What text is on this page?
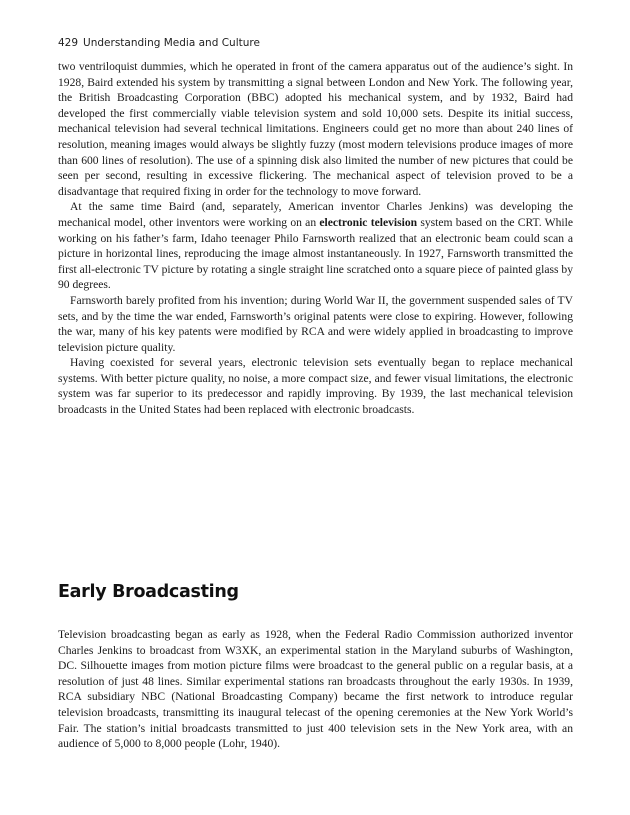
429 Understanding Media and Culture

two ventriloquist dummies, which he operated in front of the camera apparatus out of the audience’s sight. In 1928, Baird extended his system by transmitting a signal between London and New York. The following year, the British Broadcasting Corporation (BBC) adopted his mechanical system, and by 1932, Baird had developed the first commercially viable television system and sold 10,000 sets. Despite its initial success, mechanical television had several technical limitations. Engineers could get no more than about 240 lines of resolution, meaning images would always be slightly fuzzy (most modern televisions produce images of more than 600 lines of resolution). The use of a spinning disk also limited the number of new pictures that could be seen per second, resulting in excessive flickering. The mechanical aspect of television proved to be a disadvantage that required fixing in order for the technology to move forward.

At the same time Baird (and, separately, American inventor Charles Jenkins) was developing the mechanical model, other inventors were working on an electronic television system based on the CRT. While working on his father’s farm, Idaho teenager Philo Farnsworth realized that an electronic beam could scan a picture in horizontal lines, reproducing the image almost instantaneously. In 1927, Farnsworth transmitted the first all-electronic TV picture by rotating a single straight line scratched onto a square piece of painted glass by 90 degrees.

Farnsworth barely profited from his invention; during World War II, the government suspended sales of TV sets, and by the time the war ended, Farnsworth’s original patents were close to expiring. However, following the war, many of his key patents were modified by RCA and were widely applied in broadcasting to improve television picture quality.

Having coexisted for several years, electronic television sets eventually began to replace mechanical systems. With better picture quality, no noise, a more compact size, and fewer visual limitations, the electronic system was far superior to its predecessor and rapidly improving. By 1939, the last mechanical television broadcasts in the United States had been replaced with electronic broadcasts.

Early Broadcasting

Television broadcasting began as early as 1928, when the Federal Radio Commission authorized inventor Charles Jenkins to broadcast from W3XK, an experimental station in the Maryland suburbs of Washington, DC. Silhouette images from motion picture films were broadcast to the general public on a regular basis, at a resolution of just 48 lines. Similar experimental stations ran broadcasts throughout the early 1930s. In 1939, RCA subsidiary NBC (National Broadcasting Company) became the first network to introduce regular television broadcasts, transmitting its inaugural telecast of the opening ceremonies at the New York World’s Fair. The station’s initial broadcasts transmitted to just 400 television sets in the New York area, with an audience of 5,000 to 8,000 people (Lohr, 1940).
